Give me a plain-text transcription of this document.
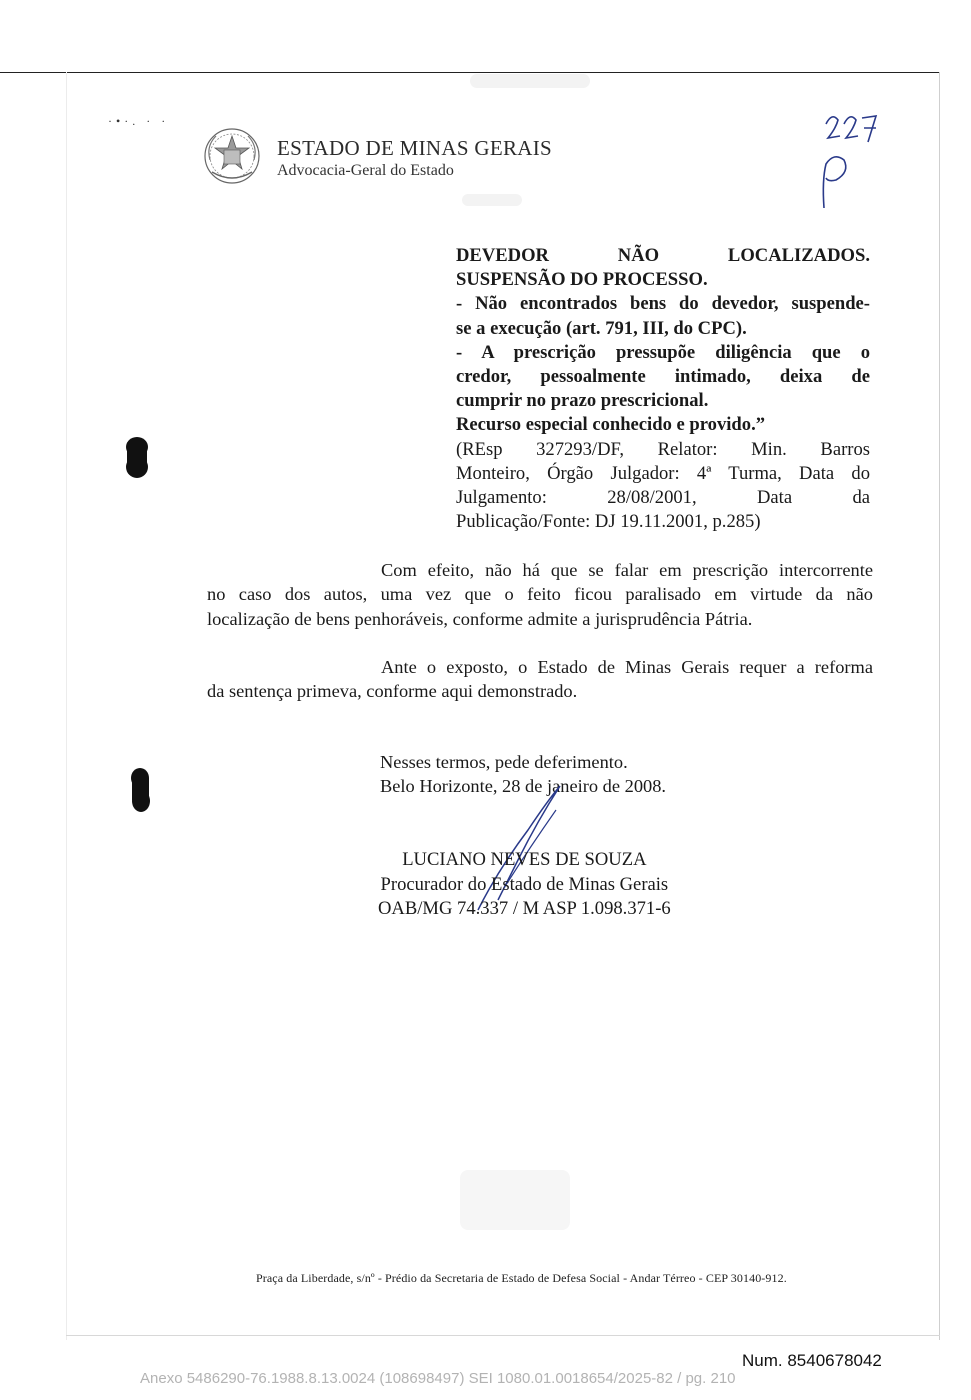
·•·. · ·
ESTADO DE MINAS GERAIS
Advocacia-Geral do Estado
DEVEDOR NÃO LOCALIZADOS.
SUSPENSÃO DO PROCESSO.
- Não encontrados bens do devedor, suspende-
se a execução (art. 791, III, do CPC).
- A prescrição pressupõe diligência que o
credor, pessoalmente intimado, deixa de
cumprir no prazo prescricional.
Recurso especial conhecido e provido.”
(REsp 327293/DF, Relator: Min. Barros
Monteiro, Órgão Julgador: 4ª Turma, Data do
Julgamento: 28/08/2001, Data da
Publicação/Fonte: DJ 19.11.2001, p.285)
Com efeito, não há que se falar em prescrição intercorrente
no caso dos autos, uma vez que o feito ficou paralisado em virtude da não
localização de bens penhoráveis, conforme admite a jurisprudência Pátria.
Ante o exposto, o Estado de Minas Gerais requer a reforma
da sentença primeva, conforme aqui demonstrado.
Nesses termos, pede deferimento.
Belo Horizonte, 28 de janeiro de 2008.
LUCIANO NEVES DE SOUZA
Procurador do Estado de Minas Gerais
OAB/MG 74.337 / M ASP 1.098.371-6
Praça da Liberdade, s/nº - Prédio da Secretaria de Estado de Defesa Social - Andar Térreo - CEP 30140-912.
Num. 8540678042
Anexo 5486290-76.1988.8.13.0024 (108698497) SEI 1080.01.0018654/2025-82 / pg. 210
